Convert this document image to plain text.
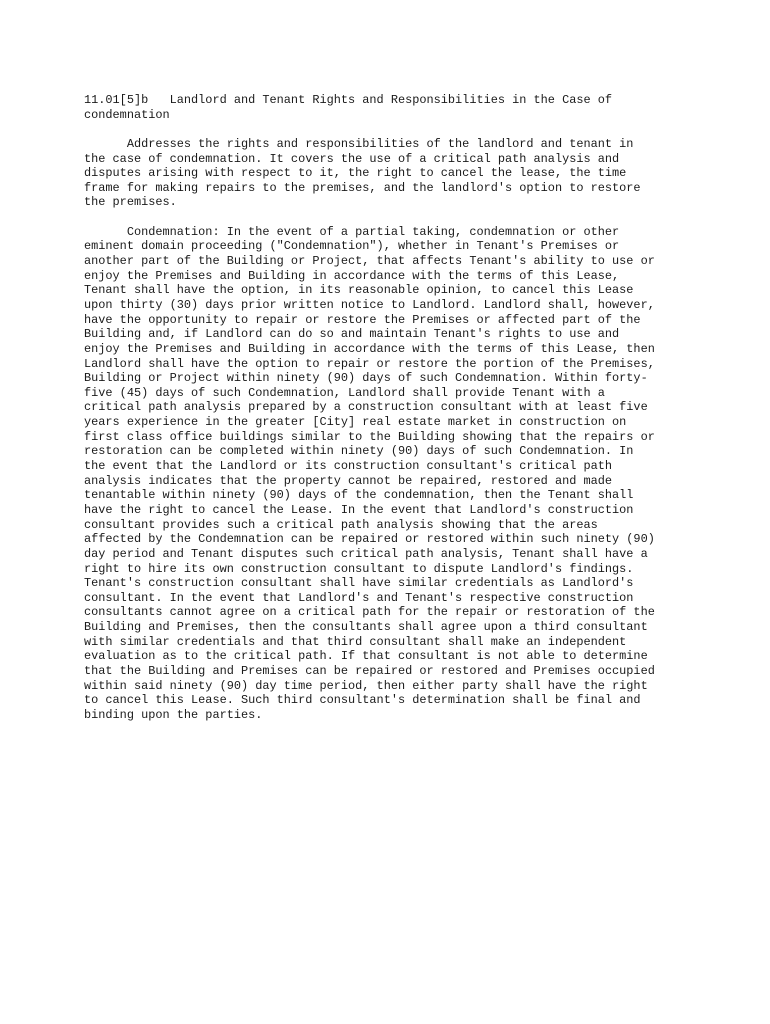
11.01[5]b   Landlord and Tenant Rights and Responsibilities in the Case of
condemnation
Addresses the rights and responsibilities of the landlord and tenant in
the case of condemnation. It covers the use of a critical path analysis and
disputes arising with respect to it, the right to cancel the lease, the time
frame for making repairs to the premises, and the landlord's option to restore
the premises.
Condemnation: In the event of a partial taking, condemnation or other
eminent domain proceeding ("Condemnation"), whether in Tenant's Premises or
another part of the Building or Project, that affects Tenant's ability to use or
enjoy the Premises and Building in accordance with the terms of this Lease,
Tenant shall have the option, in its reasonable opinion, to cancel this Lease
upon thirty (30) days prior written notice to Landlord. Landlord shall, however,
have the opportunity to repair or restore the Premises or affected part of the
Building and, if Landlord can do so and maintain Tenant's rights to use and
enjoy the Premises and Building in accordance with the terms of this Lease, then
Landlord shall have the option to repair or restore the portion of the Premises,
Building or Project within ninety (90) days of such Condemnation. Within forty-
five (45) days of such Condemnation, Landlord shall provide Tenant with a
critical path analysis prepared by a construction consultant with at least five
years experience in the greater [City] real estate market in construction on
first class office buildings similar to the Building showing that the repairs or
restoration can be completed within ninety (90) days of such Condemnation. In
the event that the Landlord or its construction consultant's critical path
analysis indicates that the property cannot be repaired, restored and made
tenantable within ninety (90) days of the condemnation, then the Tenant shall
have the right to cancel the Lease. In the event that Landlord's construction
consultant provides such a critical path analysis showing that the areas
affected by the Condemnation can be repaired or restored within such ninety (90)
day period and Tenant disputes such critical path analysis, Tenant shall have a
right to hire its own construction consultant to dispute Landlord's findings.
Tenant's construction consultant shall have similar credentials as Landlord's
consultant. In the event that Landlord's and Tenant's respective construction
consultants cannot agree on a critical path for the repair or restoration of the
Building and Premises, then the consultants shall agree upon a third consultant
with similar credentials and that third consultant shall make an independent
evaluation as to the critical path. If that consultant is not able to determine
that the Building and Premises can be repaired or restored and Premises occupied
within said ninety (90) day time period, then either party shall have the right
to cancel this Lease. Such third consultant's determination shall be final and
binding upon the parties.
